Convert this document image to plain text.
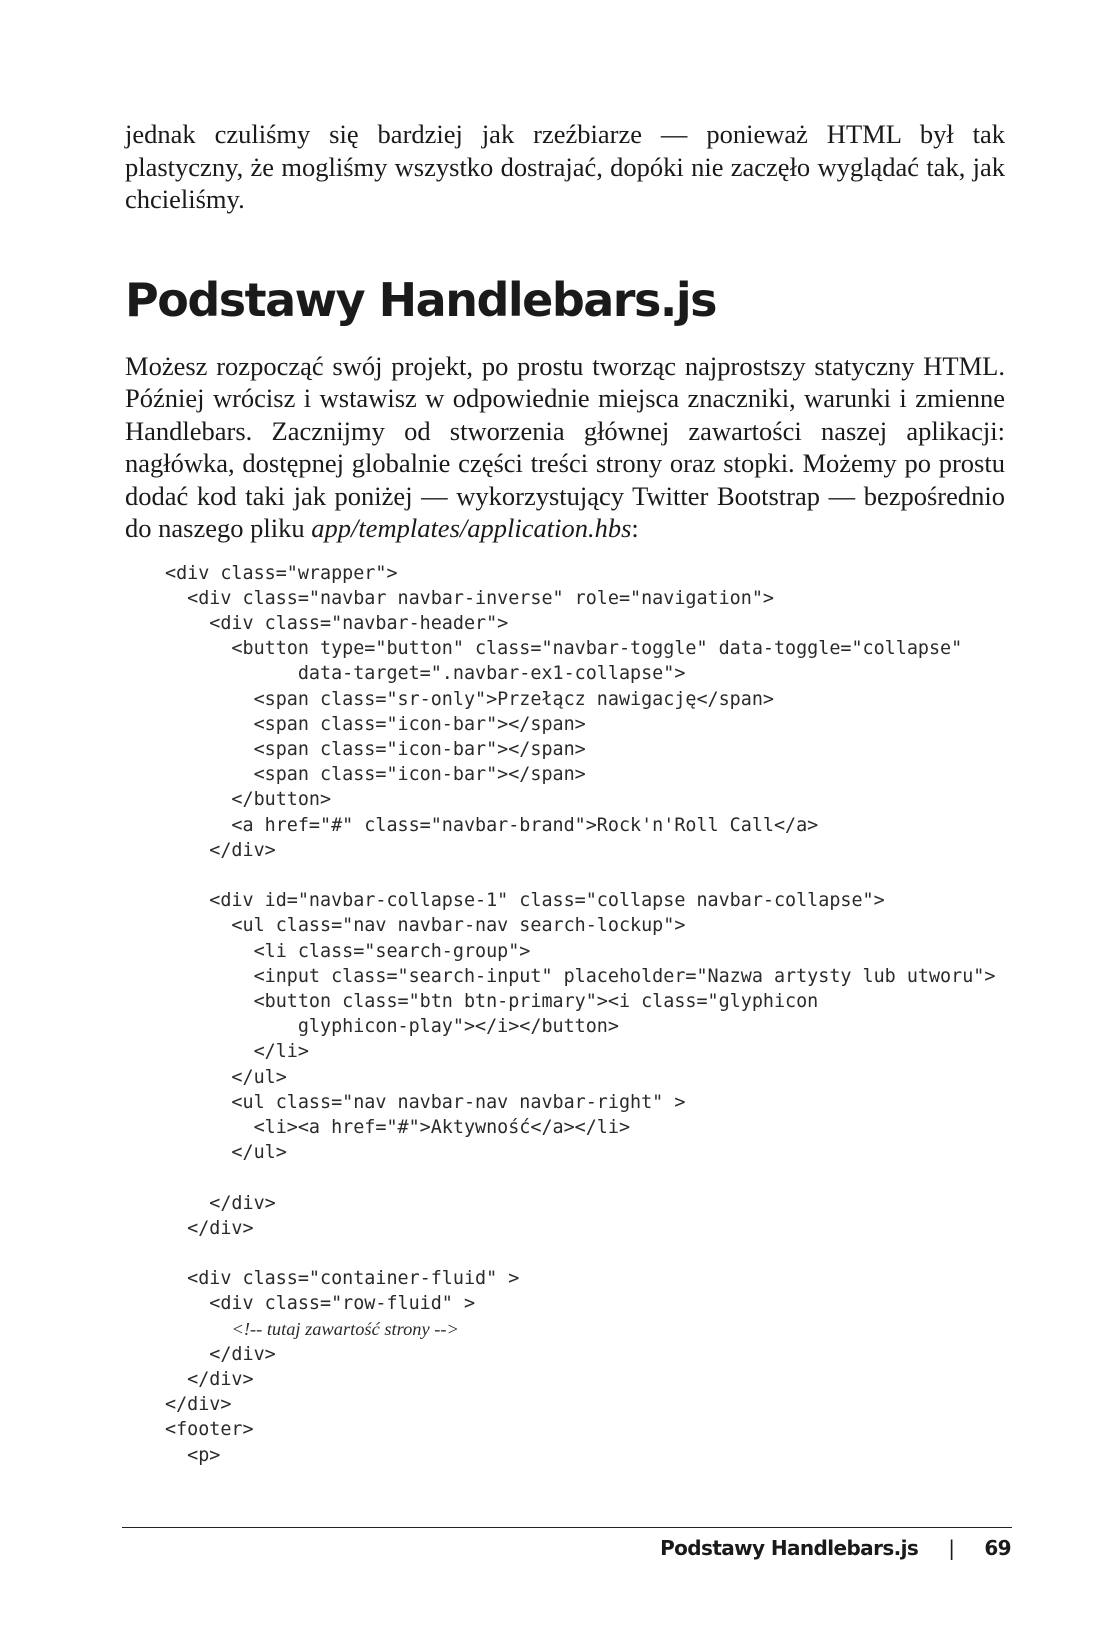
jednak czuliśmy się bardziej jak rzeźbiarze — ponieważ HTML był tak plastyczny, że mogliśmy wszystko dostrajać, dopóki nie zaczęło wyglądać tak, jak chcieliśmy.

Podstawy Handlebars.js

Możesz rozpocząć swój projekt, po prostu tworząc najprostszy statyczny HTML. Później wrócisz i wstawisz w odpowiednie miejsca znaczniki, warunki i zmienne Handlebars. Zacznijmy od stworzenia głównej zawartości naszej aplikacji: nagłówka, dostępnej globalnie części treści strony oraz stopki. Możemy po prostu dodać kod taki jak poniżej — wykorzystujący Twitter Bootstrap — bezpośrednio do naszego pliku app/templates/application.hbs:

<div class="wrapper">
<div class="navbar navbar-inverse" role="navigation">
<div class="navbar-header">
<button type="button" class="navbar-toggle" data-toggle="collapse"
data-target=".navbar-ex1-collapse">
<span class="sr-only">Przełącz nawigację</span>
<span class="icon-bar"></span>
<span class="icon-bar"></span>
<span class="icon-bar"></span>
</button>
<a href="#" class="navbar-brand">Rock'n'Roll Call</a>
</div>
<div id="navbar-collapse-1" class="collapse navbar-collapse">
<ul class="nav navbar-nav search-lockup">
<li class="search-group">
<input class="search-input" placeholder="Nazwa artysty lub utworu">
<button class="btn btn-primary"><i class="glyphicon
glyphicon-play"></i></button>
</li>
</ul>
<ul class="nav navbar-nav navbar-right" >
<li><a href="#">Aktywność</a></li>
</ul>
</div>
</div>
<div class="container-fluid" >
<div class="row-fluid" >
<!-- tutaj zawartość strony -->
</div>
</div>
</div>
<footer>
<p>
Podstawy Handlebars.js | 69
